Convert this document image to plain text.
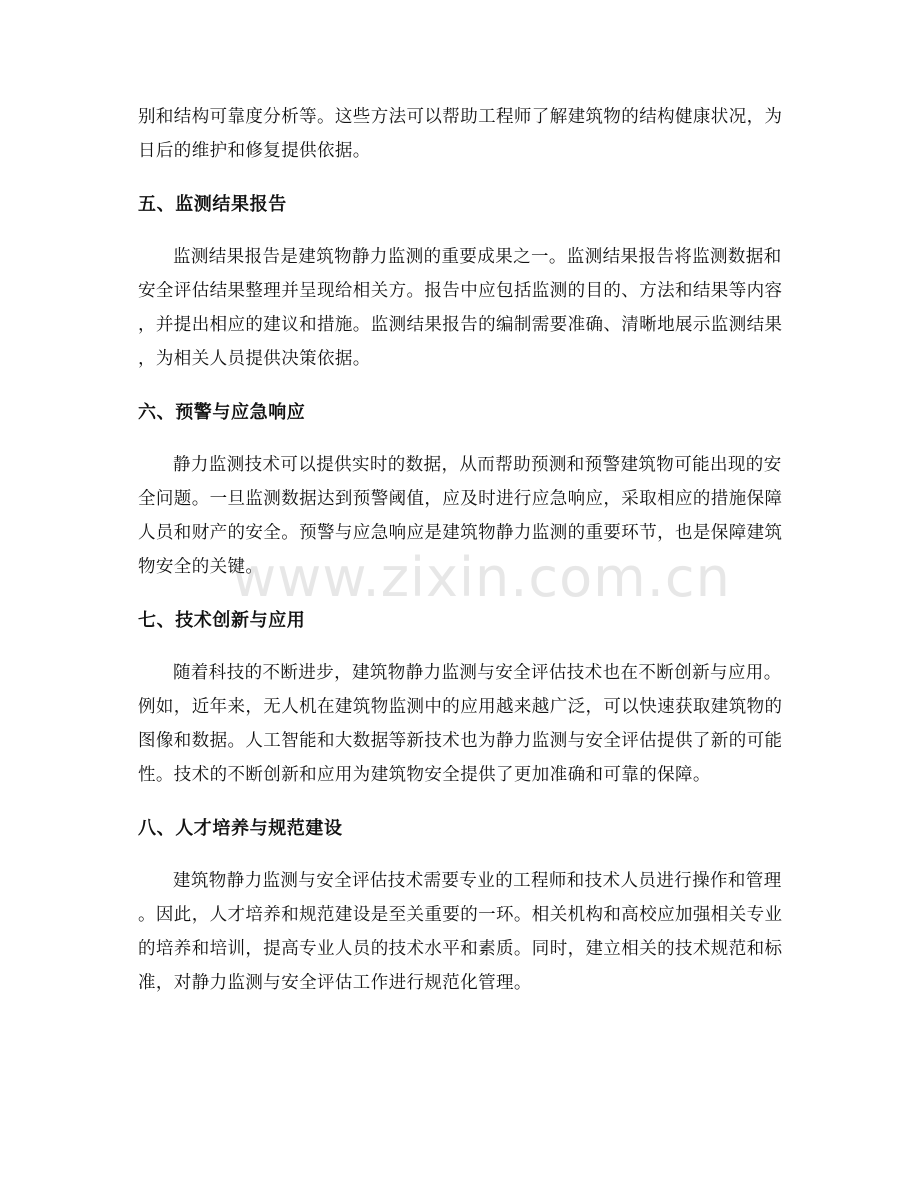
别和结构可靠度分析等。这些方法可以帮助工程师了解建筑物的结构健康状况，为
日后的维护和修复提供依据。
五、监测结果报告
监测结果报告是建筑物静力监测的重要成果之一。监测结果报告将监测数据和
安全评估结果整理并呈现给相关方。报告中应包括监测的目的、方法和结果等内容
，并提出相应的建议和措施。监测结果报告的编制需要准确、清晰地展示监测结果
，为相关人员提供决策依据。
六、预警与应急响应
静力监测技术可以提供实时的数据，从而帮助预测和预警建筑物可能出现的安
全问题。一旦监测数据达到预警阈值，应及时进行应急响应，采取相应的措施保障
人员和财产的安全。预警与应急响应是建筑物静力监测的重要环节，也是保障建筑
物安全的关键。
七、技术创新与应用
随着科技的不断进步，建筑物静力监测与安全评估技术也在不断创新与应用。
例如，近年来，无人机在建筑物监测中的应用越来越广泛，可以快速获取建筑物的
图像和数据。人工智能和大数据等新技术也为静力监测与安全评估提供了新的可能
性。技术的不断创新和应用为建筑物安全提供了更加准确和可靠的保障。
八、人才培养与规范建设
建筑物静力监测与安全评估技术需要专业的工程师和技术人员进行操作和管理
。因此，人才培养和规范建设是至关重要的一环。相关机构和高校应加强相关专业
的培养和培训，提高专业人员的技术水平和素质。同时，建立相关的技术规范和标
准，对静力监测与安全评估工作进行规范化管理。
www.zixin.com.cn
